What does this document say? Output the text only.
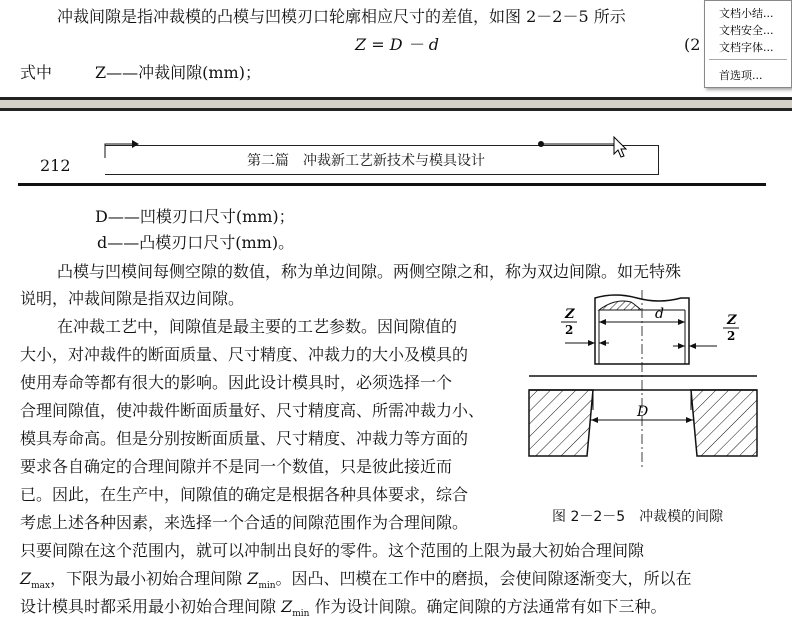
冲裁间隙是指冲裁模的凸模与凹模刃口轮廓相应尺寸的差值，如图 2－2－5 所示
Z = D － d	(2
式中	Z——冲裁间隙(mm)；
文档小结...
文档安全...
文档字体...
首选项...
212	第二篇　冲裁新工艺新技术与模具设计
D——凹模刃口尺寸(mm)；
d——凸模刃口尺寸(mm)。
凸模与凹模间每侧空隙的数值，称为单边间隙。两侧空隙之和，称为双边间隙。如无特殊
说明，冲裁间隙是指双边间隙。
在冲裁工艺中，间隙值是最主要的工艺参数。因间隙值的
大小，对冲裁件的断面质量、尺寸精度、冲裁力的大小及模具的
使用寿命等都有很大的影响。因此设计模具时，必须选择一个
合理间隙值，使冲裁件断面质量好、尺寸精度高、所需冲裁力小、
模具寿命高。但是分别按断面质量、尺寸精度、冲裁力等方面的
要求各自确定的合理间隙并不是同一个数值，只是彼此接近而
已。因此，在生产中，间隙值的确定是根据各种具体要求，综合
考虑上述各种因素，来选择一个合适的间隙范围作为合理间隙。
只要间隙在这个范围内，就可以冲制出良好的零件。这个范围的上限为最大初始合理间隙
$Z_{max}$，下限为最小初始合理间隙 $Z_{min}$。因凸、凹模在工作中的磨损，会使间隙逐渐变大，所以在
设计模具时都采用最小初始合理间隙 $Z_{min}$ 作为设计间隙。确定间隙的方法通常有如下三种。
Z
2
Z
2
d
D
图 2－2－5　冲裁模的间隙
